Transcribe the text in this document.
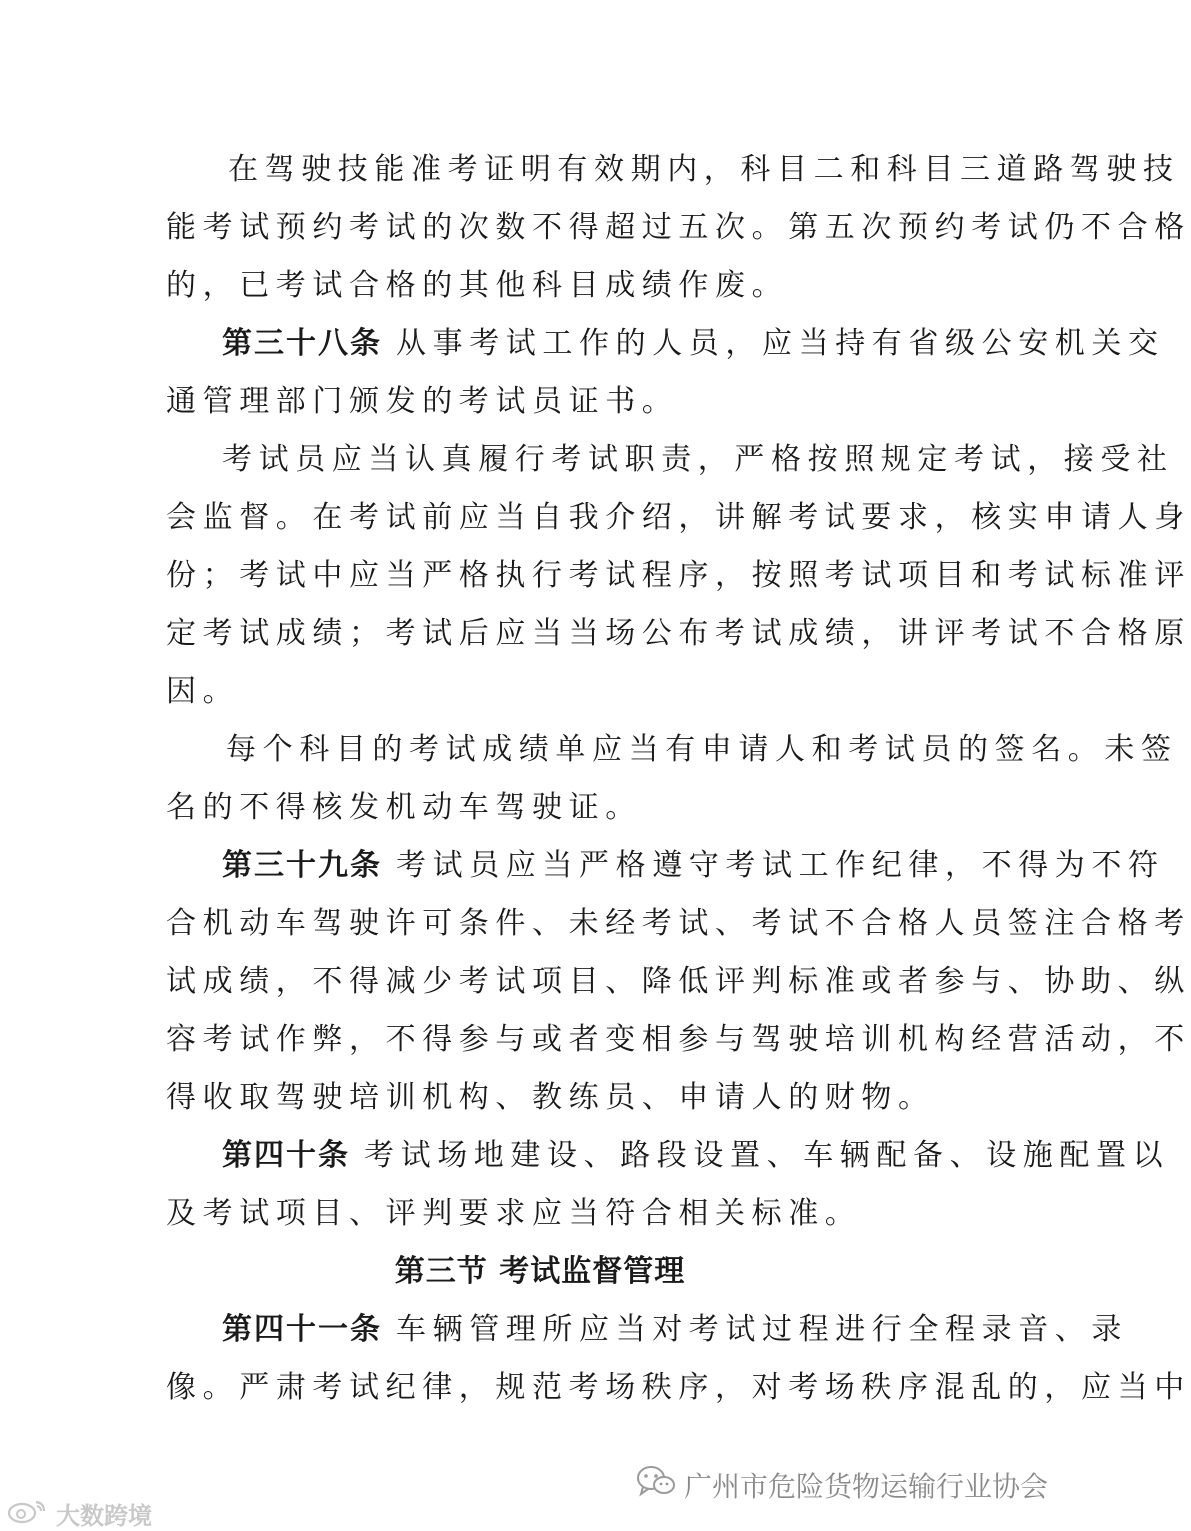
在驾驶技能准考证明有效期内，科目二和科目三道路驾驶技
能考试预约考试的次数不得超过五次。第五次预约考试仍不合格
的，已考试合格的其他科目成绩作废。
第三十八条 从事考试工作的人员，应当持有省级公安机关交
通管理部门颁发的考试员证书。
考试员应当认真履行考试职责，严格按照规定考试，接受社
会监督。在考试前应当自我介绍，讲解考试要求，核实申请人身
份；考试中应当严格执行考试程序，按照考试项目和考试标准评
定考试成绩；考试后应当当场公布考试成绩，讲评考试不合格原
因。
每个科目的考试成绩单应当有申请人和考试员的签名。未签
名的不得核发机动车驾驶证。
第三十九条 考试员应当严格遵守考试工作纪律，不得为不符
合机动车驾驶许可条件、未经考试、考试不合格人员签注合格考
试成绩，不得减少考试项目、降低评判标准或者参与、协助、纵
容考试作弊，不得参与或者变相参与驾驶培训机构经营活动，不
得收取驾驶培训机构、教练员、申请人的财物。
第四十条 考试场地建设、路段设置、车辆配备、设施配置以
及考试项目、评判要求应当符合相关标准。
第三节 考试监督管理
第四十一条 车辆管理所应当对考试过程进行全程录音、录
像。严肃考试纪律，规范考场秩序，对考场秩序混乱的，应当中
广州市危险货物运输行业协会
大数跨境
